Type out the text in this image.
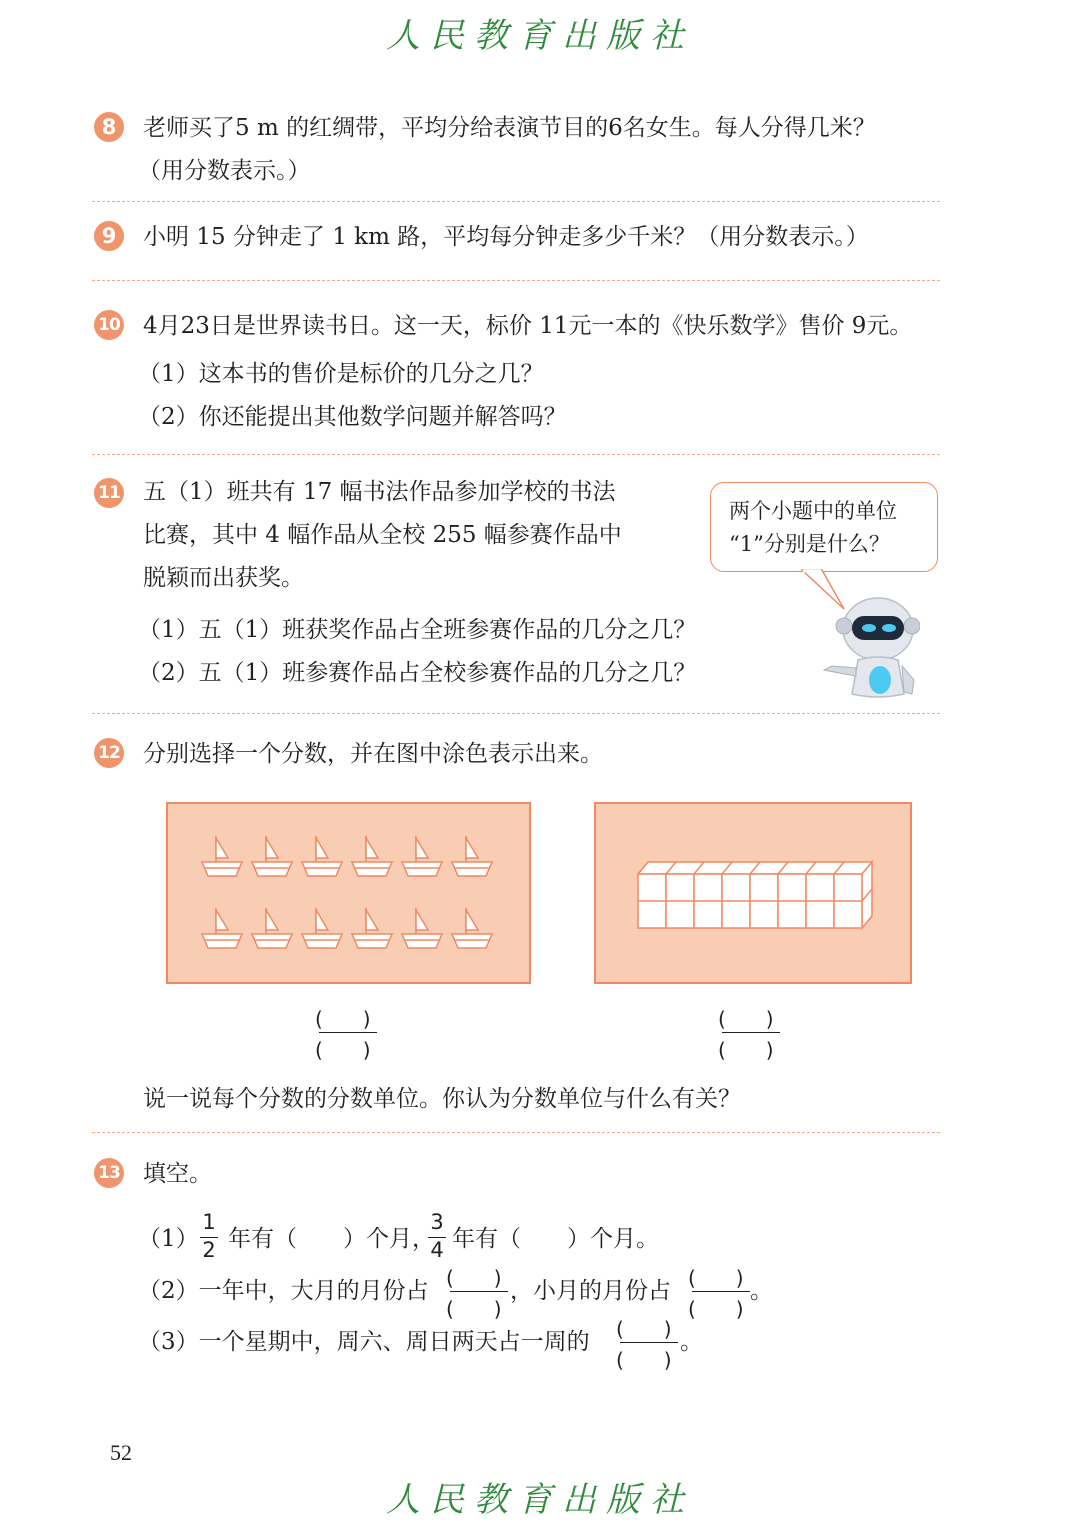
人民教育出版社
8	老师买了5 m 的红绸带，平均分给表演节目的6名女生。每人分得几米？
（用分数表示。）
9	小明 15 分钟走了 1 km 路，平均每分钟走多少千米？（用分数表示。）
10 4月23日是世界读书日。这一天，标价 11元一本的《快乐数学》售价 9元。
（1）这本书的售价是标价的几分之几？
（2）你还能提出其他数学问题并解答吗？
11 五（1）班共有 17 幅书法作品参加学校的书法
比赛，其中 4 幅作品从全校 255 幅参赛作品中
脱颖而出获奖。
（1）五（1）班获奖作品占全班参赛作品的几分之几？
（2）五（1）班参赛作品占全校参赛作品的几分之几？
两个小题中的单位
“1”分别是什么？
12 分别选择一个分数，并在图中涂色表示出来。
(　　)
(　　)
(　　)
(　　)
说一说每个分数的分数单位。你认为分数单位与什么有关？
13 填空。
（1）
1
2 年有（　　）个月，
3
4 年有（　　）个月。
（2）一年中，大月的月份占 (　　)
(　　)
，小月的月份占 (　　)
(　　)
。
（3）一个星期中，周六、周日两天占一周的 (　　)
(　　)
。
52
人民教育出版社
